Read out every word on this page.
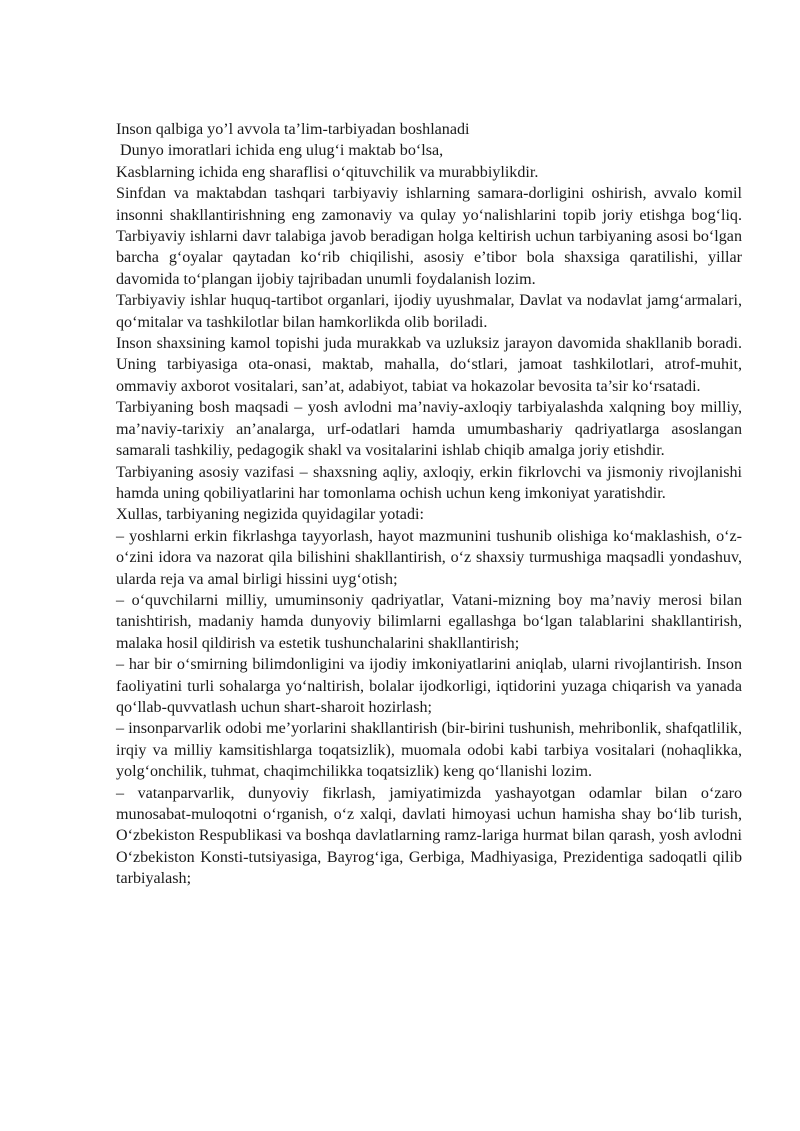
Inson qalbiga yo’l avvola ta’lim-tarbiyadan boshlanadi

Dunyo imoratlari ichida eng ulug‘i maktab bo‘lsa,

Kasblarning ichida eng sharaflisi o‘qituvchilik va murabbiylikdir.

Sinfdan va maktabdan tashqari tarbiyaviy ishlarning samara-dorligini oshirish, avvalo komil insonni shakllantirishning eng zamonaviy va qulay yo‘nalishlarini topib joriy etishga bog‘liq. Tarbiyaviy ishlarni davr talabiga javob beradigan holga keltirish uchun tarbiyaning asosi bo‘lgan barcha g‘oyalar qaytadan ko‘rib chiqilishi, asosiy e’tibor bola shaxsiga qaratilishi, yillar davomida to‘plangan ijobiy tajribadan unumli foydalanish lozim.

Tarbiyaviy ishlar huquq-tartibot organlari, ijodiy uyushmalar, Davlat va nodavlat jamg‘armalari, qo‘mitalar va tashkilotlar bilan hamkorlikda olib boriladi.

Inson shaxsining kamol topishi juda murakkab va uzluksiz jarayon davomida shakllanib boradi. Uning tarbiyasiga ota-onasi, maktab, mahalla, do‘stlari, jamoat tashkilotlari, atrof-muhit, ommaviy axborot vositalari, san’at, adabiyot, tabiat va hokazolar bevosita ta’sir ko‘rsatadi.

Tarbiyaning bosh maqsadi – yosh avlodni ma’naviy-axloqiy tarbiyalashda xalqning boy milliy, ma’naviy-tarixiy an’analarga, urf-odatlari hamda umumbashariy qadriyatlarga asoslangan samarali tashkiliy, pedagogik shakl va vositalarini ishlab chiqib amalga joriy etishdir.

Tarbiyaning asosiy vazifasi – shaxsning aqliy, axloqiy, erkin fikrlovchi va jismoniy rivojlanishi hamda uning qobiliyatlarini har tomonlama ochish uchun keng imkoniyat yaratishdir.

Xullas, tarbiyaning negizida quyidagilar yotadi:

– yoshlarni erkin fikrlashga tayyorlash, hayot mazmunini tushunib olishiga ko‘maklashish, o‘z-o‘zini idora va nazorat qila bilishini shakllantirish, o‘z shaxsiy turmushiga maqsadli yondashuv, ularda reja va amal birligi hissini uyg‘otish;

– o‘quvchilarni milliy, umuminsoniy qadriyatlar, Vatani-mizning boy ma’naviy merosi bilan tanishtirish, madaniy hamda dunyoviy bilimlarni egallashga bo‘lgan talablarini shakllantirish, malaka hosil qildirish va estetik tushunchalarini shakllantirish;

– har bir o‘smirning bilimdonligini va ijodiy imkoniyatlarini aniqlab, ularni rivojlantirish. Inson faoliyatini turli sohalarga yo‘naltirish, bolalar ijodkorligi, iqtidorini yuzaga chiqarish va yanada qo‘llab-quvvatlash uchun shart-sharoit hozirlash;

– insonparvarlik odobi me’yorlarini shakllantirish (bir-birini tushunish, mehribonlik, shafqatlilik, irqiy va milliy kamsitishlarga toqatsizlik), muomala odobi kabi tarbiya vositalari (nohaqlikka, yolg‘onchilik, tuhmat, chaqimchilikka toqatsizlik) keng qo‘llanishi lozim.

– vatanparvarlik, dunyoviy fikrlash, jamiyatimizda yashayotgan odamlar bilan o‘zaro munosabat-muloqotni o‘rganish, o‘z xalqi, davlati himoyasi uchun hamisha shay bo‘lib turish, O‘zbekiston Respublikasi va boshqa davlatlarning ramz-lariga hurmat bilan qarash, yosh avlodni O‘zbekiston Konsti-tutsiyasiga, Bayrog‘iga, Gerbiga, Madhiyasiga, Prezidentiga sadoqatli qilib tarbiyalash;
